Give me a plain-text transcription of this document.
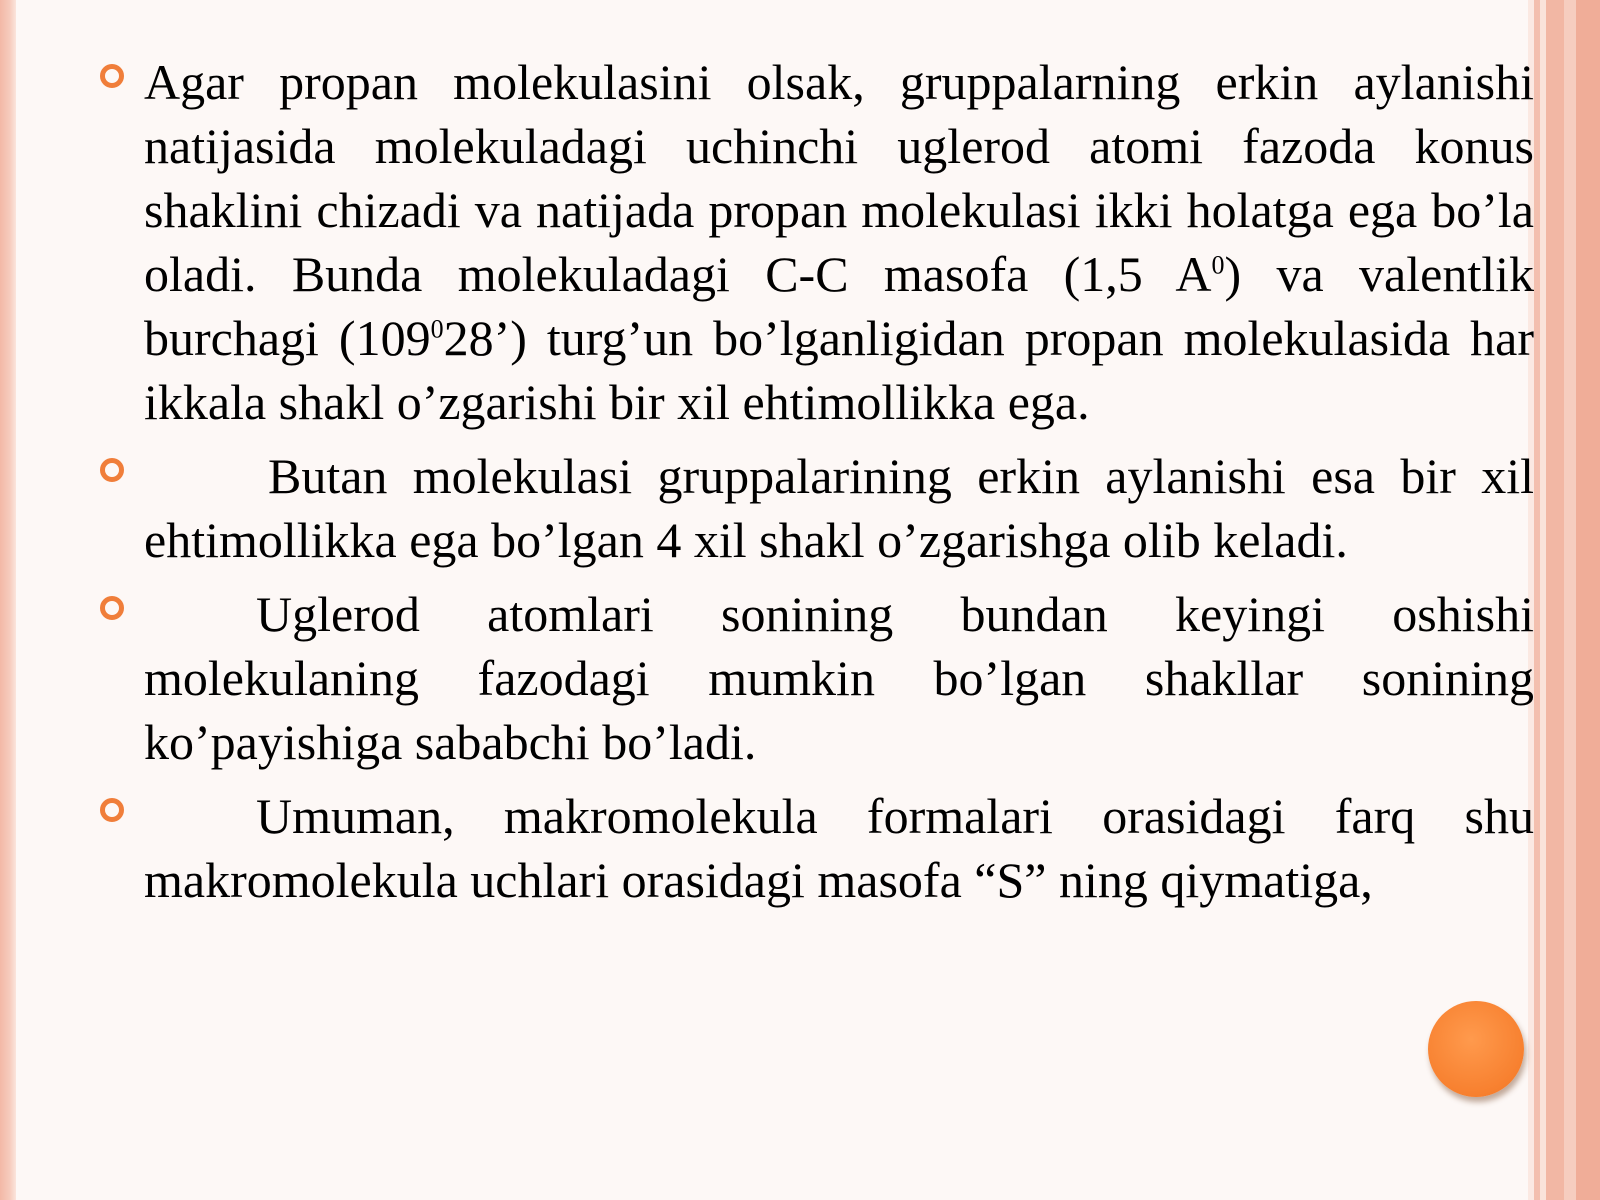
Agar propan molekulasini olsak, gruppalarning erkin aylanishi natijasida molekuladagi uchinchi uglerod atomi fazoda konus shaklini chizadi va natijada propan molekulasi ikki holatga ega bo’la oladi. Bunda molekuladagi C-C masofa (1,5 $A^0$) va valentlik burchagi $(109^028’)$ turg’un bo’lganligidan propan molekulasida har ikkala shakl o’zgarishi bir xil ehtimollikka ega.

Butan molekulasi gruppalarining erkin aylanishi esa bir xil ehtimollikka ega bo’lgan 4 xil shakl o’zgarishga olib keladi.

Uglerod atomlari sonining bundan keyingi oshishi molekulaning fazodagi mumkin bo’lgan shakllar sonining ko’payishiga sababchi bo’ladi.

Umuman, makromolekula formalari orasidagi farq shu makromolekula uchlari orasidagi masofa “S” ning qiymatiga,
